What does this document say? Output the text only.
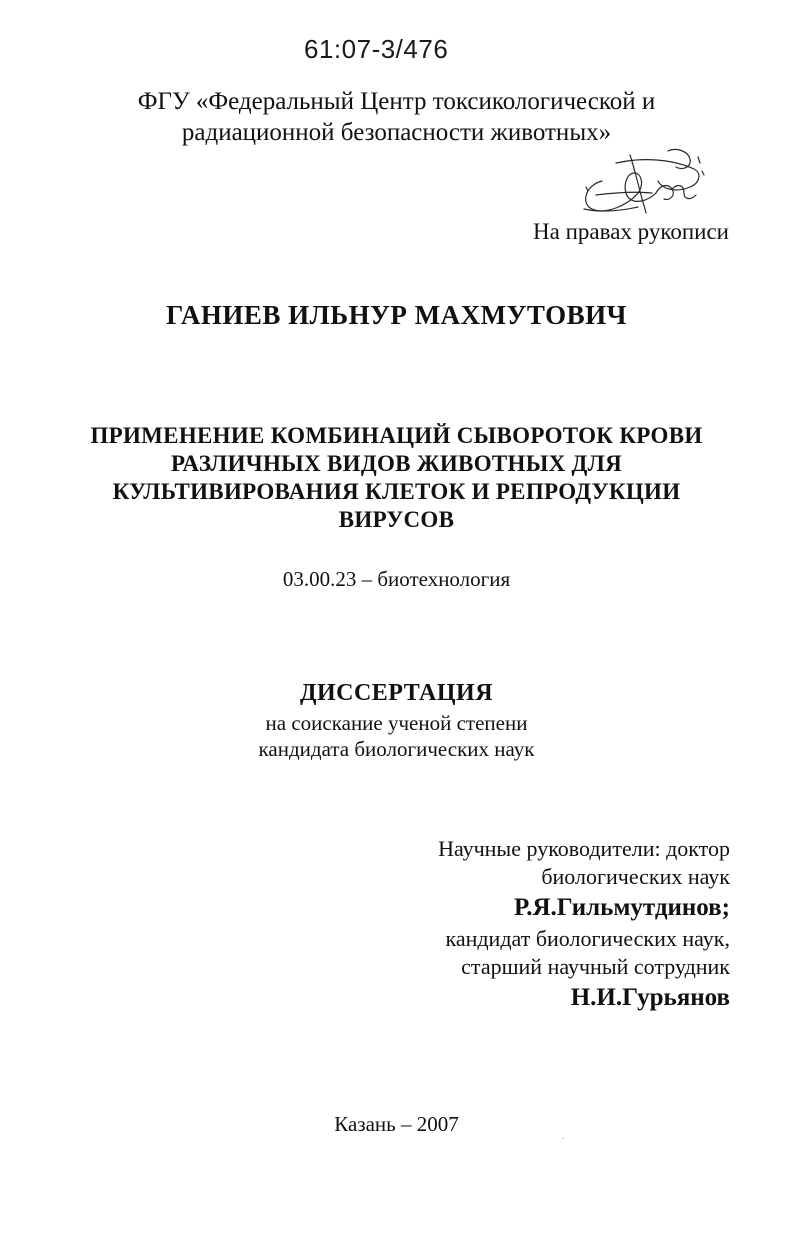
61:07-3/476
ФГУ «Федеральный Центр токсикологической и
радиационной безопасности животных»
На правах рукописи
ГАНИЕВ ИЛЬНУР МАХМУТОВИЧ
ПРИМЕНЕНИЕ КОМБИНАЦИЙ СЫВОРОТОК КРОВИ
РАЗЛИЧНЫХ ВИДОВ ЖИВОТНЫХ ДЛЯ
КУЛЬТИВИРОВАНИЯ КЛЕТОК И РЕПРОДУКЦИИ
ВИРУСОВ
03.00.23 – биотехнология
ДИССЕРТАЦИЯ
на соискание ученой степени
кандидата биологических наук
Научные руководители: доктор
биологических наук
Р.Я.Гильмутдинов;
кандидат биологических наук,
старший научный сотрудник
Н.И.Гурьянов
Казань – 2007
